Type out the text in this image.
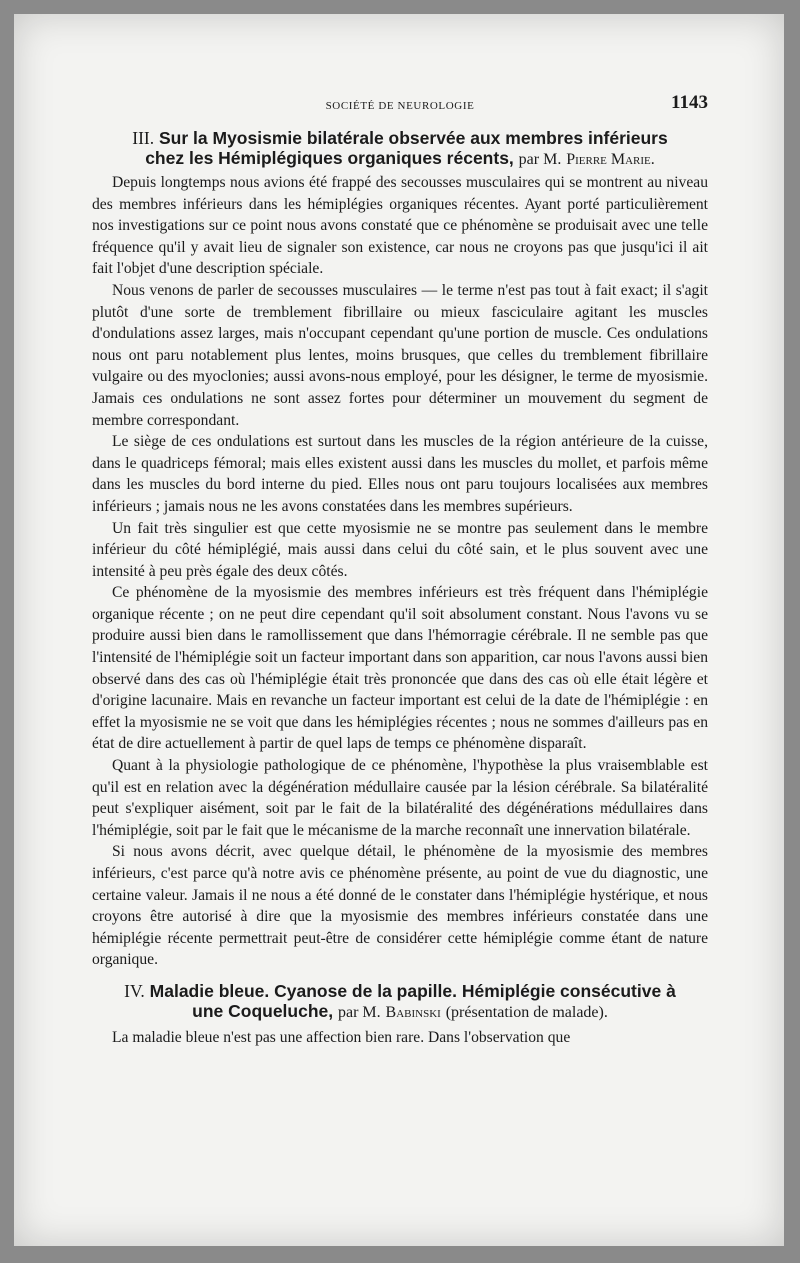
SOCIÉTÉ DE NEUROLOGIE	1143
III. Sur la Myosismie bilatérale observée aux membres inférieurs
chez les Hémiplégiques organiques récents, par M. Pierre Marie.

Depuis longtemps nous avions été frappé des secousses musculaires qui se montrent au niveau des membres inférieurs dans les hémiplégies organiques récentes. Ayant porté particulièrement nos investigations sur ce point nous avons constaté que ce phénomène se produisait avec une telle fréquence qu'il y avait lieu de signaler son existence, car nous ne croyons pas que jusqu'ici il ait fait l'objet d'une description spéciale.

Nous venons de parler de secousses musculaires — le terme n'est pas tout à fait exact; il s'agit plutôt d'une sorte de tremblement fibrillaire ou mieux fasciculaire agitant les muscles d'ondulations assez larges, mais n'occupant cependant qu'une portion de muscle. Ces ondulations nous ont paru notablement plus lentes, moins brusques, que celles du tremblement fibrillaire vulgaire ou des myoclonies; aussi avons-nous employé, pour les désigner, le terme de myosismie. Jamais ces ondulations ne sont assez fortes pour déterminer un mouvement du segment de membre correspondant.

Le siège de ces ondulations est surtout dans les muscles de la région antérieure de la cuisse, dans le quadriceps fémoral; mais elles existent aussi dans les muscles du mollet, et parfois même dans les muscles du bord interne du pied. Elles nous ont paru toujours localisées aux membres inférieurs ; jamais nous ne les avons constatées dans les membres supérieurs.

Un fait très singulier est que cette myosismie ne se montre pas seulement dans le membre inférieur du côté hémiplégié, mais aussi dans celui du côté sain, et le plus souvent avec une intensité à peu près égale des deux côtés.

Ce phénomène de la myosismie des membres inférieurs est très fréquent dans l'hémiplégie organique récente ; on ne peut dire cependant qu'il soit absolument constant. Nous l'avons vu se produire aussi bien dans le ramollissement que dans l'hémorragie cérébrale. Il ne semble pas que l'intensité de l'hémiplégie soit un facteur important dans son apparition, car nous l'avons aussi bien observé dans des cas où l'hémiplégie était très prononcée que dans des cas où elle était légère et d'origine lacunaire. Mais en revanche un facteur important est celui de la date de l'hémiplégie : en effet la myosismie ne se voit que dans les hémiplégies récentes ; nous ne sommes d'ailleurs pas en état de dire actuellement à partir de quel laps de temps ce phénomène disparaît.

Quant à la physiologie pathologique de ce phénomène, l'hypothèse la plus vraisemblable est qu'il est en relation avec la dégénération médullaire causée par la lésion cérébrale. Sa bilatéralité peut s'expliquer aisément, soit par le fait de la bilatéralité des dégénérations médullaires dans l'hémiplégie, soit par le fait que le mécanisme de la marche reconnaît une innervation bilatérale.

Si nous avons décrit, avec quelque détail, le phénomène de la myosismie des membres inférieurs, c'est parce qu'à notre avis ce phénomène présente, au point de vue du diagnostic, une certaine valeur. Jamais il ne nous a été donné de le constater dans l'hémiplégie hystérique, et nous croyons être autorisé à dire que la myosismie des membres inférieurs constatée dans une hémiplégie récente permettrait peut-être de considérer cette hémiplégie comme étant de nature organique.

IV. Maladie bleue. Cyanose de la papille. Hémiplégie consécutive à
une Coqueluche, par M. Babinski (présentation de malade).

La maladie bleue n'est pas une affection bien rare. Dans l'observation que
